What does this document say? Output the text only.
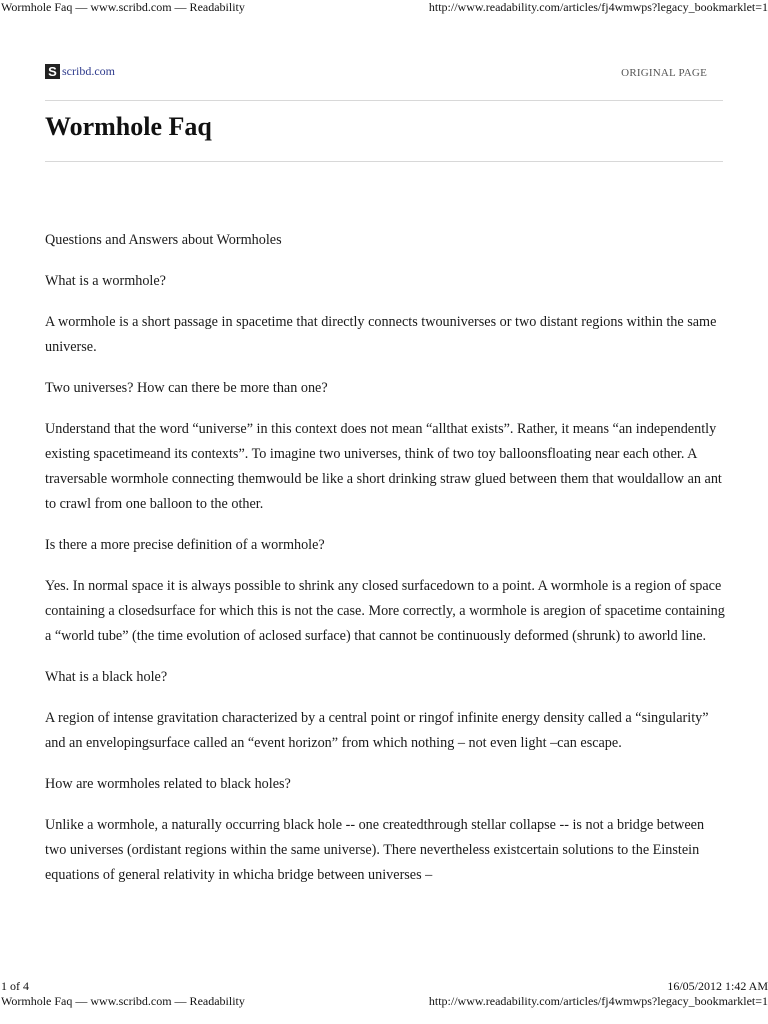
Wormhole Faq — www.scribd.com — Readability	http://www.readability.com/articles/fj4wmwps?legacy_bookmarklet=1
S scribd.com	ORIGINAL PAGE
Wormhole Faq

Questions and Answers about Wormholes

What is a wormhole?

A wormhole is a short passage in spacetime that directly connects twouniverses or two distant regions within the same universe.

Two universes? How can there be more than one?

Understand that the word “universe” in this context does not mean “allthat exists”. Rather, it means “an independently existing spacetimeand its contexts”. To imagine two universes, think of two toy balloonsfloating near each other. A traversable wormhole connecting themwould be like a short drinking straw glued between them that wouldallow an ant to crawl from one balloon to the other.

Is there a more precise definition of a wormhole?

Yes. In normal space it is always possible to shrink any closed surfacedown to a point. A wormhole is a region of space containing a closedsurface for which this is not the case. More correctly, a wormhole is aregion of spacetime containing a “world tube” (the time evolution of aclosed surface) that cannot be continuously deformed (shrunk) to aworld line.

What is a black hole?

A region of intense gravitation characterized by a central point or ringof infinite energy density called a “singularity” and an envelopingsurface called an “event horizon” from which nothing – not even light –can escape.

How are wormholes related to black holes?

Unlike a wormhole, a naturally occurring black hole -- one createdthrough stellar collapse -- is not a bridge between two universes (ordistant regions within the same universe). There nevertheless existcertain solutions to the Einstein equations of general relativity in whicha bridge between universes –

1 of 4	16/05/2012 1:42 AM
Wormhole Faq — www.scribd.com — Readability	http://www.readability.com/articles/fj4wmwps?legacy_bookmarklet=1
